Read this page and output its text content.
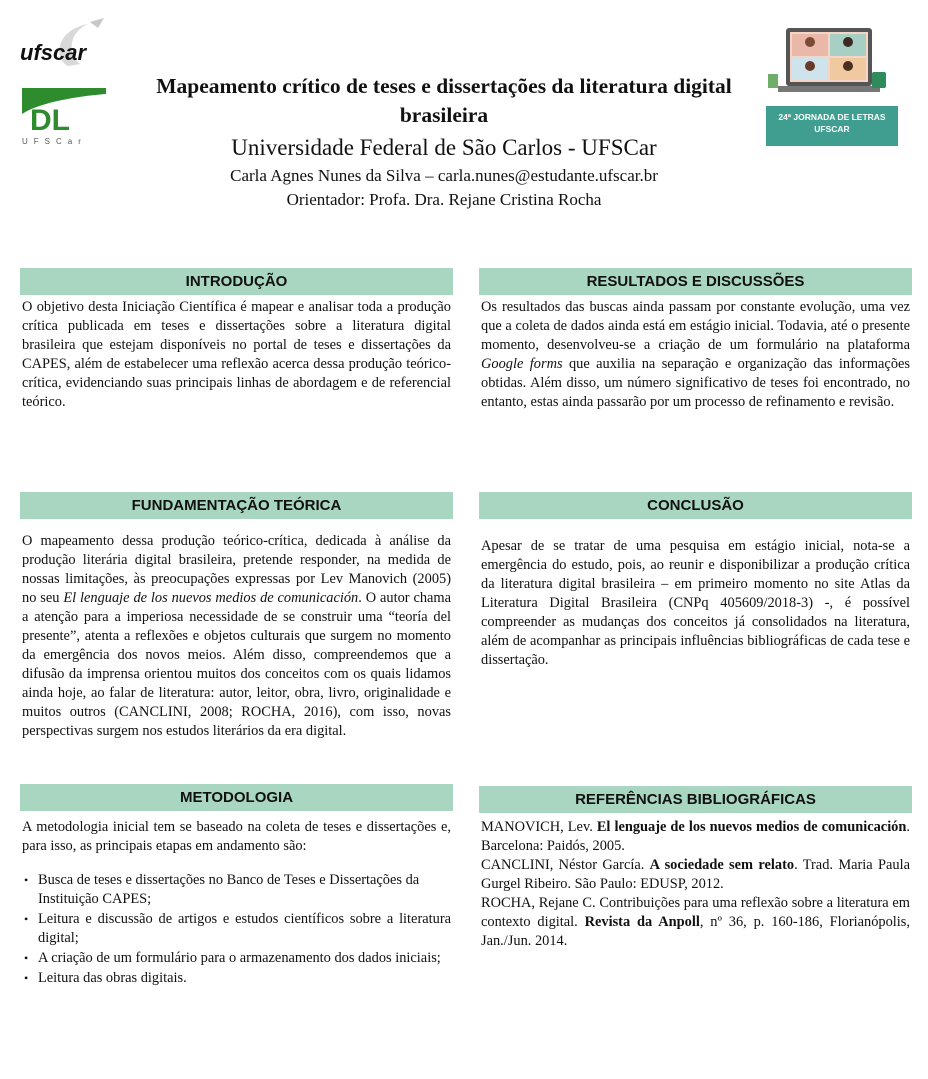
ufscar
DL
UFSCar
24ª JORNADA DE LETRAS
UFSCAR
Mapeamento crítico de teses e dissertações da literatura digital brasileira
Universidade Federal de São Carlos - UFSCar
Carla Agnes Nunes da Silva – carla.nunes@estudante.ufscar.br
Orientador: Profa. Dra. Rejane Cristina Rocha
INTRODUÇÃO

O objetivo desta Iniciação Científica é mapear e analisar toda a produção crítica publicada em teses e dissertações sobre a literatura digital brasileira que estejam disponíveis no portal de teses e dissertações da CAPES, além de estabelecer uma reflexão acerca dessa produção teórico-crítica, evidenciando suas principais linhas de abordagem e de referencial teórico.

RESULTADOS E DISCUSSÕES

Os resultados das buscas ainda passam por constante evolução, uma vez que a coleta de dados ainda está em estágio inicial. Todavia, até o presente momento, desenvolveu-se a criação de um formulário na plataforma Google forms que auxilia na separação e organização das informações obtidas. Além disso, um número significativo de teses foi encontrado, no entanto, estas ainda passarão por um processo de refinamento e revisão.

FUNDAMENTAÇÃO TEÓRICA

O mapeamento dessa produção teórico-crítica, dedicada à análise da produção literária digital brasileira, pretende responder, na medida de nossas limitações, às preocupações expressas por Lev Manovich (2005) no seu El lenguaje de los nuevos medios de comunicación. O autor chama a atenção para a imperiosa necessidade de se construir uma “teoría del presente”, atenta a reflexões e objetos culturais que surgem no momento da emergência dos novos meios. Além disso, compreendemos que a difusão da imprensa orientou muitos dos conceitos com os quais lidamos ainda hoje, ao falar de literatura: autor, leitor, obra, livro, originalidade e muitos outros (CANCLINI, 2008; ROCHA, 2016), com isso, novas perspectivas surgem nos estudos literários da era digital.

CONCLUSÃO

Apesar de se tratar de uma pesquisa em estágio inicial, nota-se a emergência do estudo, pois, ao reunir e disponibilizar a produção crítica da literatura digital brasileira – em primeiro momento no site Atlas da Literatura Digital Brasileira (CNPq 405609/2018-3) -, é possível compreender as mudanças dos conceitos já consolidados na literatura, além de acompanhar as principais influências bibliográficas de cada tese e dissertação.

METODOLOGIA

A metodologia inicial tem se baseado na coleta de teses e dissertações e, para isso, as principais etapas em andamento são:

• Busca de teses e dissertações no Banco de Teses e Dissertações da Instituição CAPES;
• Leitura e discussão de artigos e estudos científicos sobre a literatura digital;
• A criação de um formulário para o armazenamento dos dados iniciais;
• Leitura das obras digitais.
REFERÊNCIAS BIBLIOGRÁFICAS

MANOVICH, Lev. El lenguaje de los nuevos medios de comunicación. Barcelona: Paidós, 2005.

CANCLINI, Néstor García. A sociedade sem relato. Trad. Maria Paula Gurgel Ribeiro. São Paulo: EDUSP, 2012.

ROCHA, Rejane C. Contribuições para uma reflexão sobre a literatura em contexto digital. Revista da Anpoll, nº 36, p. 160-186, Florianópolis, Jan./Jun. 2014.
